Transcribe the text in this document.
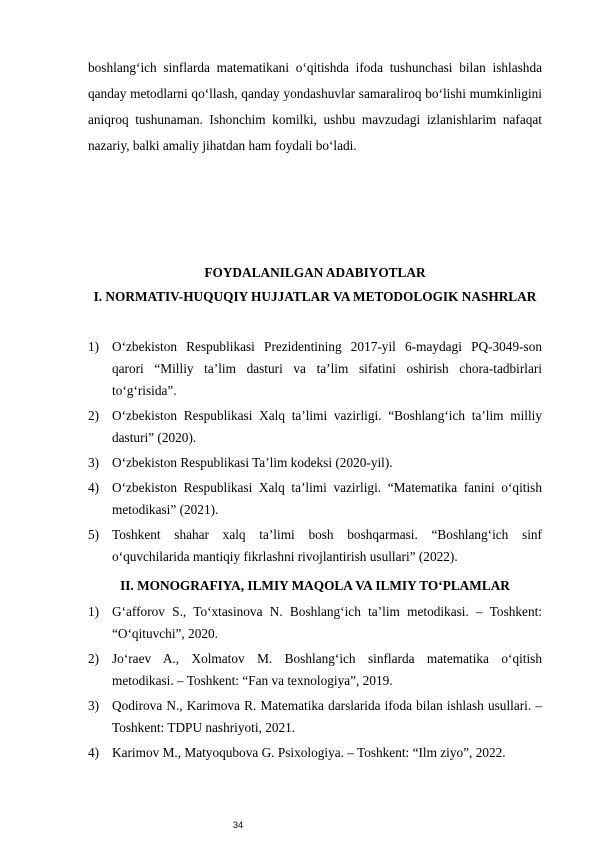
boshlang‘ich sinflarda matematikani o‘qitishda ifoda tushunchasi bilan ishlashda qanday metodlarni qo‘llash, qanday yondashuvlar samaraliroq bo‘lishi mumkinligini aniqroq tushunaman. Ishonchim komilki, ushbu mavzudagi izlanishlarim nafaqat nazariy, balki amaliy jihatdan ham foydali bo‘ladi.

FOYDALANILGAN ADABIYOTLAR

I. NORMATIV-HUQUQIY HUJJATLAR VA METODOLOGIK NASHRLAR

1) O‘zbekiston Respublikasi Prezidentining 2017-yil 6-maydagi PQ-3049-son qarori “Milliy ta’lim dasturi va ta’lim sifatini oshirish chora-tadbirlari to‘g‘risida”.
2) O‘zbekiston Respublikasi Xalq ta’limi vazirligi. “Boshlang‘ich ta’lim milliy dasturi” (2020).
3) O‘zbekiston Respublikasi Ta’lim kodeksi (2020-yil).
4) O‘zbekiston Respublikasi Xalq ta’limi vazirligi. “Matematika fanini o‘qitish metodikasi” (2021).
5) Toshkent shahar xalq ta’limi bosh boshqarmasi. “Boshlang‘ich sinf o‘quvchilarida mantiqiy fikrlashni rivojlantirish usullari” (2022).

II. MONOGRAFIYA, ILMIY MAQOLA VA ILMIY TO‘PLAMLAR

1) G‘afforov S., To‘xtasinova N. Boshlang‘ich ta’lim metodikasi. – Toshkent: “O‘qituvchi”, 2020.
2) Jo‘raev A., Xolmatov M. Boshlang‘ich sinflarda matematika o‘qitish metodikasi. – Toshkent: “Fan va texnologiya”, 2019.
3) Qodirova N., Karimova R. Matematika darslarida ifoda bilan ishlash usullari. – Toshkent: TDPU nashriyoti, 2021.
4) Karimov M., Matyoqubova G. Psixologiya. – Toshkent: “Ilm ziyo”, 2022.
34
